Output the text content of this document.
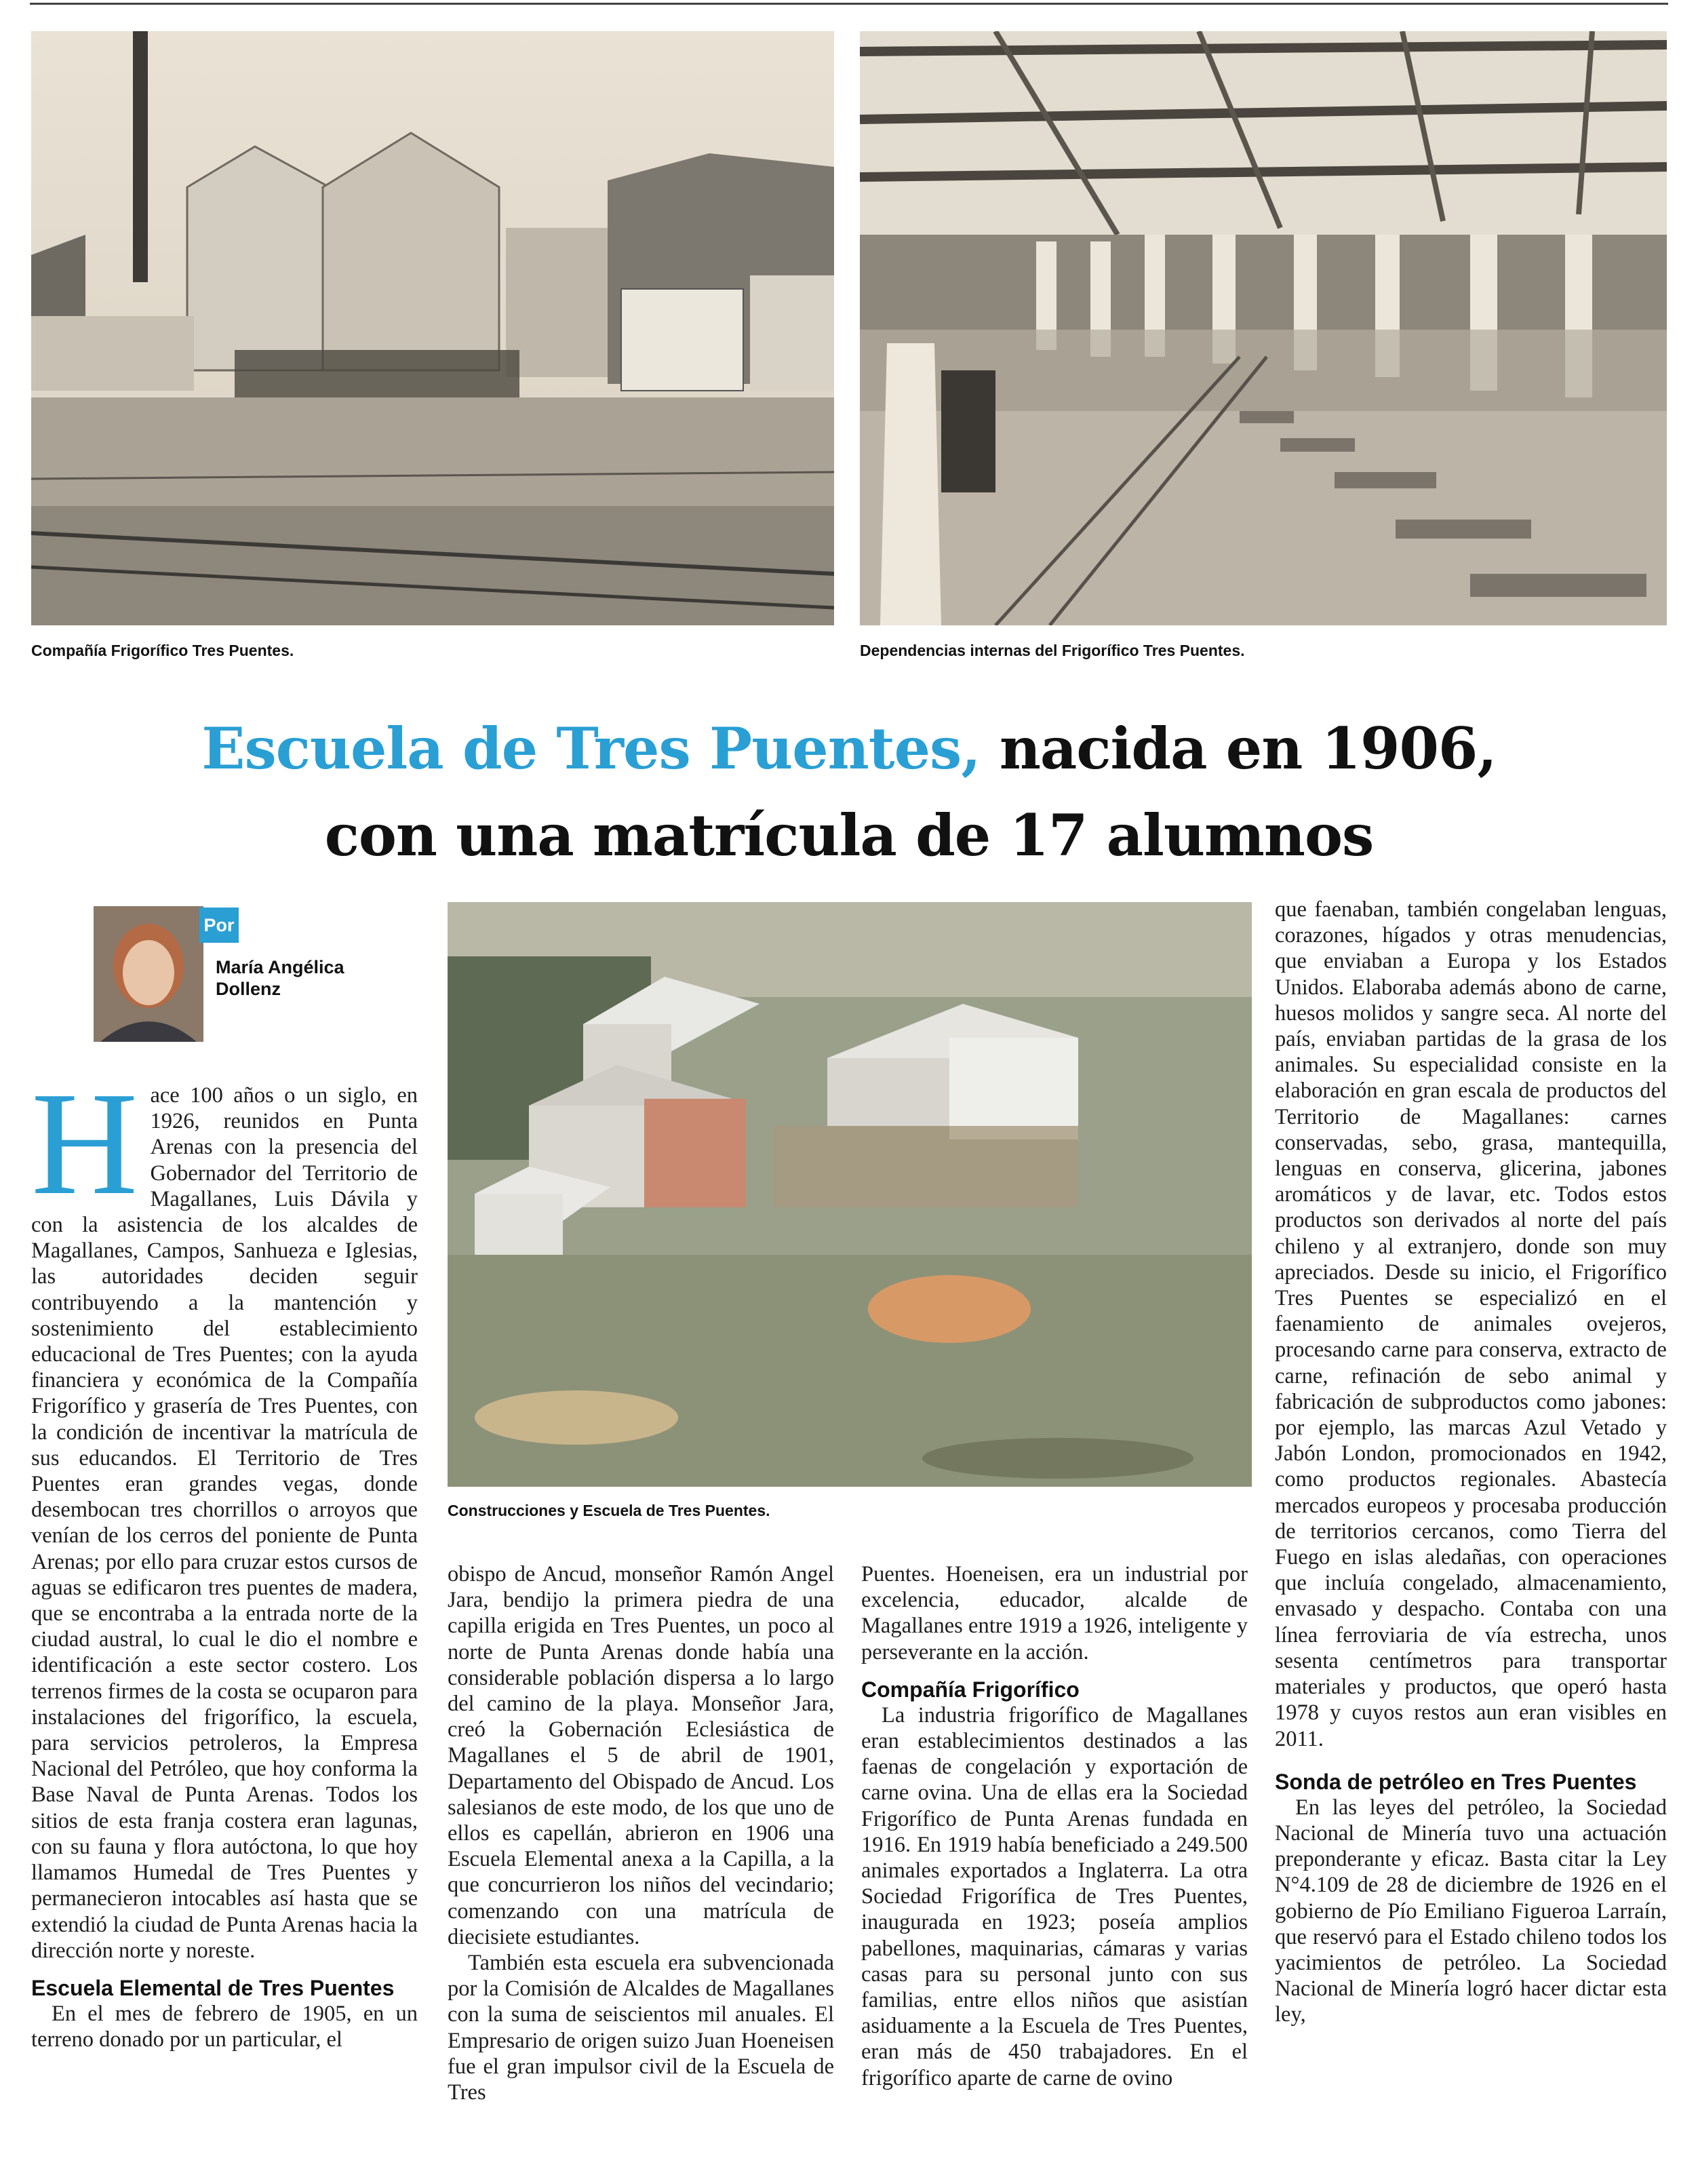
Compañía Frigorífico Tres Puentes.	Dependencias internas del Frigorífico Tres Puentes.
Escuela de Tres Puentes, nacida en 1906,
con una matrícula de 17 alumnos
Por
María Angélica Dollenz
Construcciones y Escuela de Tres Puentes.

Hace 100 años o un siglo, en 1926, reunidos en Punta Arenas con la presencia del Gobernador del Territorio de Magallanes, Luis Dávila y con la asistencia de los alcaldes de Magallanes, Campos, Sanhueza e Iglesias, las autoridades deciden seguir contribuyendo a la mantención y sostenimiento del establecimiento educacional de Tres Puentes; con la ayuda financiera y económica de la Compañía Frigorífico y grasería de Tres Puentes, con la condición de incentivar la matrícula de sus educandos. El Territorio de Tres Puentes eran grandes vegas, donde desembocan tres chorrillos o arroyos que venían de los cerros del poniente de Punta Arenas; por ello para cruzar estos cursos de aguas se edificaron tres puentes de madera, que se encontraba a la entrada norte de la ciudad austral, lo cual le dio el nombre e identificación a este sector costero. Los terrenos firmes de la costa se ocuparon para instalaciones del frigorífico, la escuela, para servicios petroleros, la Empresa Nacional del Petróleo, que hoy conforma la Base Naval de Punta Arenas. Todos los sitios de esta franja costera eran lagunas, con su fauna y flora autóctona, lo que hoy llamamos Humedal de Tres Puentes y permanecieron intocables así hasta que se extendió la ciudad de Punta Arenas hacia la dirección norte y noreste.

Escuela Elemental de Tres Puentes

En el mes de febrero de 1905, en un terreno donado por un particular, el

obispo de Ancud, monseñor Ramón Angel Jara, bendijo la primera piedra de una capilla erigida en Tres Puentes, un poco al norte de Punta Arenas donde había una considerable población dispersa a lo largo del camino de la playa. Monseñor Jara, creó la Gobernación Eclesiástica de Magallanes el 5 de abril de 1901, Departamento del Obispado de Ancud. Los salesianos de este modo, de los que uno de ellos es capellán, abrieron en 1906 una Escuela Elemental anexa a la Capilla, a la que concurrieron los niños del vecindario; comenzando con una matrícula de diecisiete estudiantes.

También esta escuela era subvencionada por la Comisión de Alcaldes de Magallanes con la suma de seiscientos mil anuales. El Empresario de origen suizo Juan Hoeneisen fue el gran impulsor civil de la Escuela de Tres

Puentes. Hoeneisen, era un industrial por excelencia, educador, alcalde de Magallanes entre 1919 a 1926, inteligente y perseverante en la acción.

Compañía Frigorífico

La industria frigorífico de Magallanes eran establecimientos destinados a las faenas de congelación y exportación de carne ovina. Una de ellas era la Sociedad Frigorífico de Punta Arenas fundada en 1916. En 1919 había beneficiado a 249.500 animales exportados a Inglaterra. La otra Sociedad Frigorífica de Tres Puentes, inaugurada en 1923; poseía amplios pabellones, maquinarias, cámaras y varias casas para su personal junto con sus familias, entre ellos niños que asistían asiduamente a la Escuela de Tres Puentes, eran más de 450 trabajadores. En el frigorífico aparte de carne de ovino

que faenaban, también congelaban lenguas, corazones, hígados y otras menudencias, que enviaban a Europa y los Estados Unidos. Elaboraba además abono de carne, huesos molidos y sangre seca. Al norte del país, enviaban partidas de la grasa de los animales. Su especialidad consiste en la elaboración en gran escala de productos del Territorio de Magallanes: carnes conservadas, sebo, grasa, mantequilla, lenguas en conserva, glicerina, jabones aromáticos y de lavar, etc. Todos estos productos son derivados al norte del país chileno y al extranjero, donde son muy apreciados. Desde su inicio, el Frigorífico Tres Puentes se especializó en el faenamiento de animales ovejeros, procesando carne para conserva, extracto de carne, refinación de sebo animal y fabricación de subproductos como jabones: por ejemplo, las marcas Azul Vetado y Jabón London, promocionados en 1942, como productos regionales. Abastecía mercados europeos y procesaba producción de territorios cercanos, como Tierra del Fuego en islas aledañas, con operaciones que incluía congelado, almacenamiento, envasado y despacho. Contaba con una línea ferroviaria de vía estrecha, unos sesenta centímetros para transportar materiales y productos, que operó hasta 1978 y cuyos restos aun eran visibles en 2011.

Sonda de petróleo en Tres Puentes

En las leyes del petróleo, la Sociedad Nacional de Minería tuvo una actuación preponderante y eficaz. Basta citar la Ley N°4.109 de 28 de diciembre de 1926 en el gobierno de Pío Emiliano Figueroa Larraín, que reservó para el Estado chileno todos los yacimientos de petróleo. La Sociedad Nacional de Minería logró hacer dictar esta ley,
